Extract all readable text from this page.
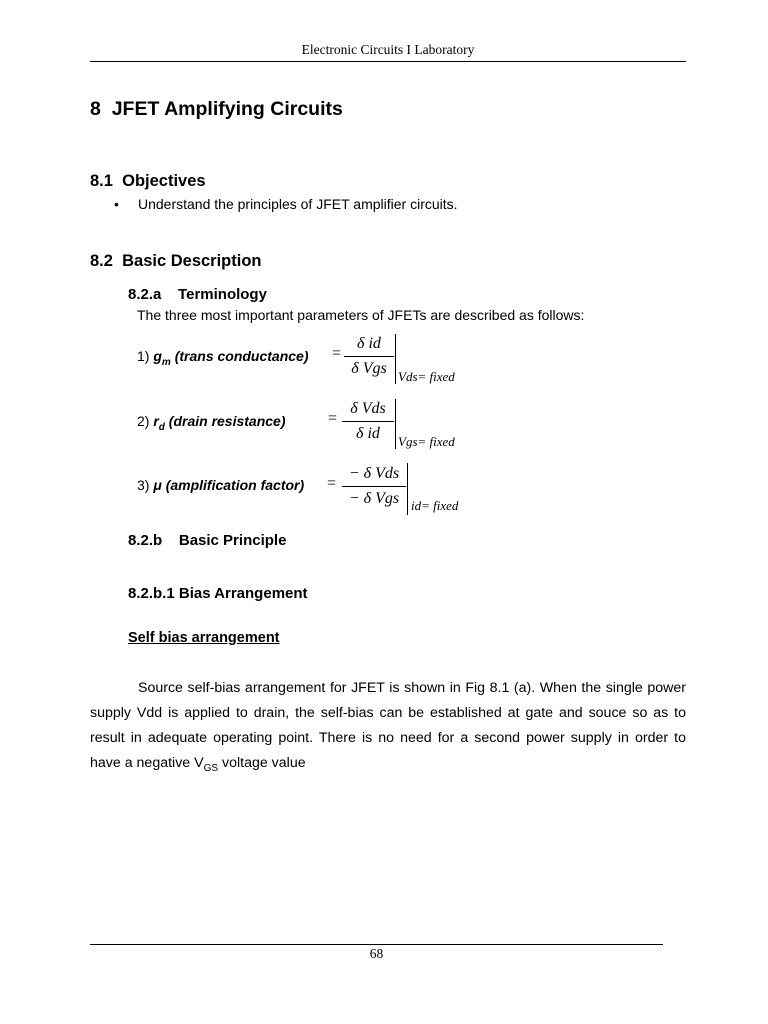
Electronic Circuits I Laboratory
8 JFET Amplifying Circuits
8.1 Objectives
• Understand the principles of JFET amplifier circuits.
8.2 Basic Description
8.2.a Terminology
The three most important parameters of JFETs are described as follows:
1) $g_m$ (trans conductance) =
δ id
δ Vgs Vds= fixed
2) $r_d$ (drain resistance)	=
δ Vds
δ id	Vgs= fixed
3) μ (amplification factor) =
− δ Vds
− δ Vgs id= fixed
8.2.b Basic Principle
8.2.b.1 Bias Arrangement
Self bias arrangement
Source self-bias arrangement for JFET is shown in Fig 8.1 (a). When the single power supply Vdd is applied to drain, the self-bias can be established at gate and souce so as to result in adequate operating point. There is no need for a second power supply in order to have a negative $V_{GS}$ voltage value
68
